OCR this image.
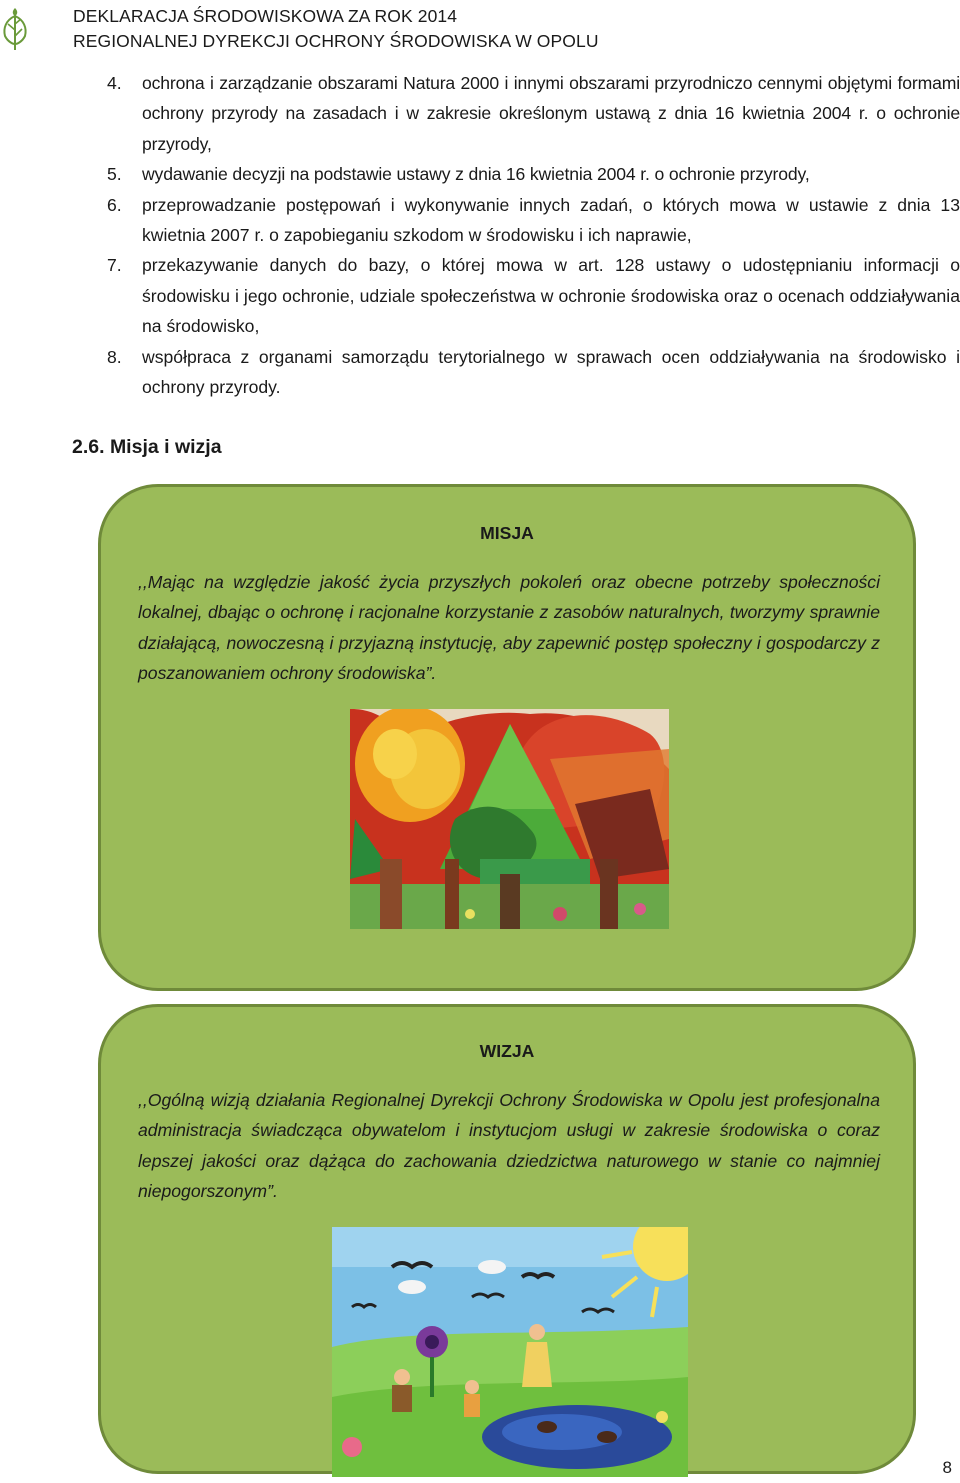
DEKLARACJA ŚRODOWISKOWA ZA ROK 2014
REGIONALNEJ DYREKCJI OCHRONY ŚRODOWISKA W OPOLU
4. ochrona i zarządzanie obszarami Natura 2000 i innymi obszarami przyrodniczo cennymi objętymi formami ochrony przyrody na zasadach i w zakresie określonym ustawą z dnia 16 kwietnia 2004 r. o ochronie przyrody,
5. wydawanie decyzji na podstawie ustawy z dnia 16 kwietnia 2004 r. o ochronie przyrody,
6. przeprowadzanie postępowań i wykonywanie innych zadań, o których mowa w ustawie z dnia 13 kwietnia 2007 r. o zapobieganiu szkodom w środowisku i ich naprawie,
7. przekazywanie danych do bazy, o której mowa w art. 128 ustawy o udostępnianiu informacji o środowisku i jego ochronie, udziale społeczeństwa w ochronie środowiska oraz o ocenach oddziaływania na środowisko,
8. współpraca z organami samorządu terytorialnego w sprawach ocen oddziaływania na środowisko i ochrony przyrody.
2.6. Misja i wizja
MISJA
,,Mając na względzie jakość życia przyszłych pokoleń oraz obecne potrzeby społeczności lokalnej, dbając o ochronę i racjonalne korzystanie z zasobów naturalnych, tworzymy sprawnie działającą, nowoczesną i przyjazną instytucję, aby zapewnić postęp społeczny i gospodarczy z poszanowaniem ochrony środowiska”.
WIZJA
,,Ogólną wizją działania Regionalnej Dyrekcji Ochrony Środowiska w Opolu jest profesjonalna administracja świadcząca obywatelom i instytucjom usługi w zakresie środowiska o coraz lepszej jakości oraz dążąca do zachowania dziedzictwa naturowego w stanie co najmniej niepogorszonym”.
8
